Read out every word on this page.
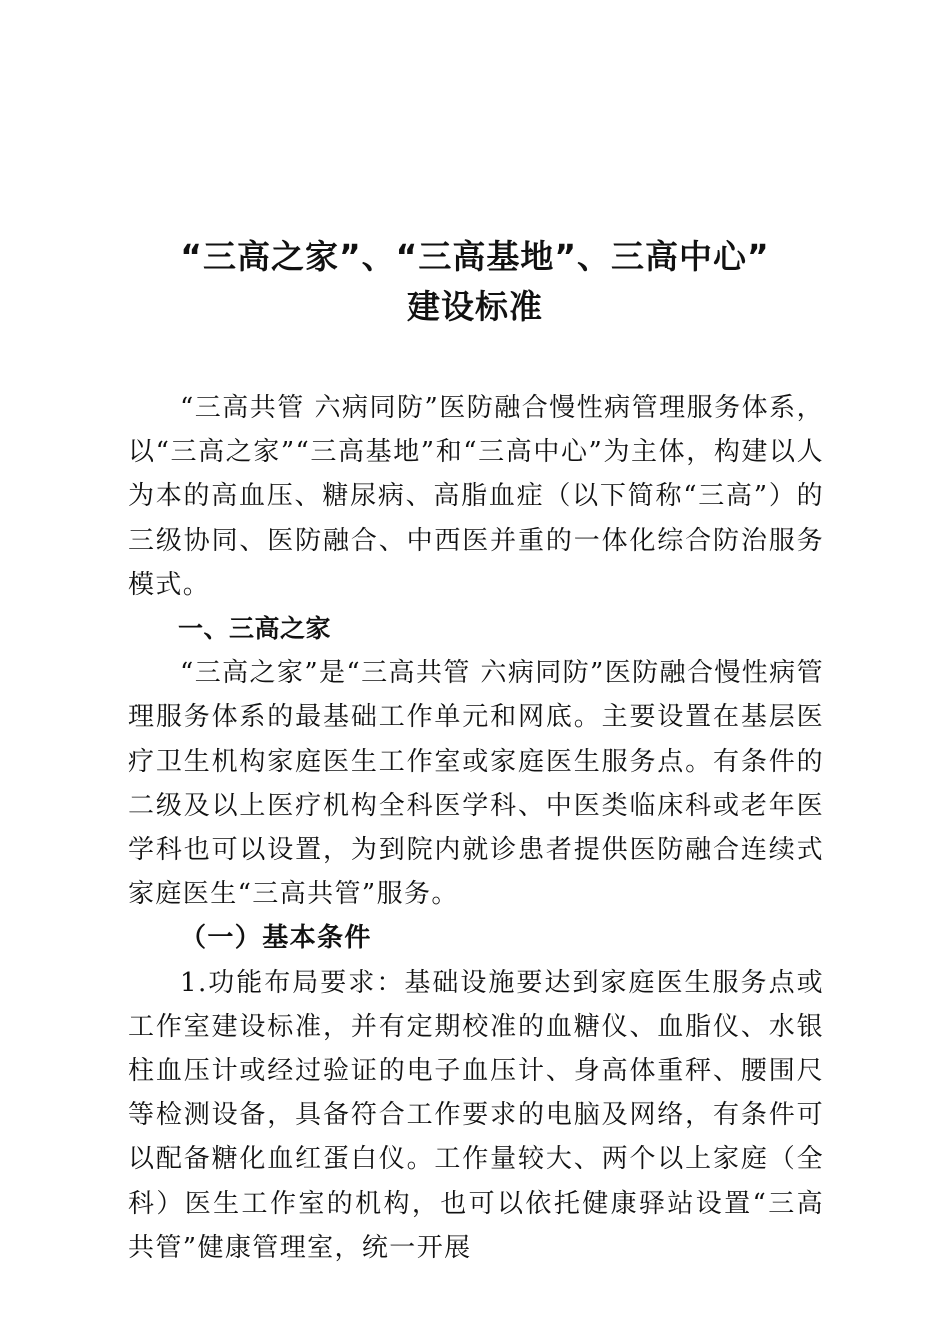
“三高之家”、“三高基地”、三高中心”
建设标准

“三高共管 六病同防”医防融合慢性病管理服务体系，以“三高之家”“三高基地”和“三高中心”为主体，构建以人为本的高血压、糖尿病、高脂血症（以下简称“三高”）的三级协同、医防融合、中西医并重的一体化综合防治服务模式。

一、三高之家

“三高之家”是“三高共管 六病同防”医防融合慢性病管理服务体系的最基础工作单元和网底。主要设置在基层医疗卫生机构家庭医生工作室或家庭医生服务点。有条件的二级及以上医疗机构全科医学科、中医类临床科或老年医学科也可以设置，为到院内就诊患者提供医防融合连续式家庭医生“三高共管”服务。

（一）基本条件

1.功能布局要求：基础设施要达到家庭医生服务点或工作室建设标准，并有定期校准的血糖仪、血脂仪、水银柱血压计或经过验证的电子血压计、身高体重秤、腰围尺等检测设备，具备符合工作要求的电脑及网络，有条件可以配备糖化血红蛋白仪。工作量较大、两个以上家庭（全科）医生工作室的机构，也可以依托健康驿站设置“三高共管”健康管理室，统一开展
